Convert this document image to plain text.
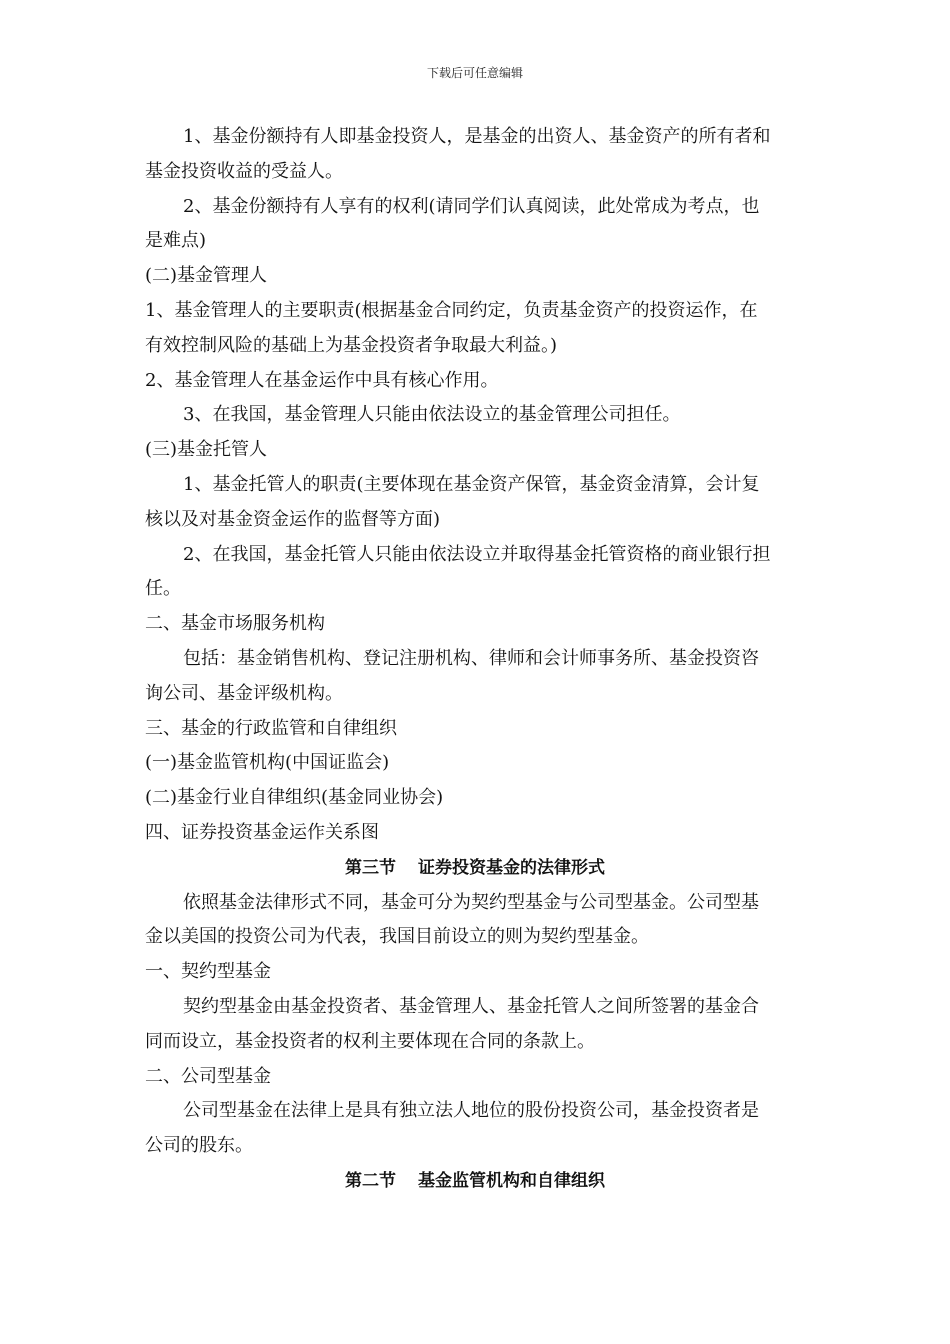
下载后可任意编辑
1、基金份额持有人即基金投资人，是基金的出资人、基金资产的所有者和
基金投资收益的受益人。
2、基金份额持有人享有的权利(请同学们认真阅读，此处常成为考点，也
是难点)
(二)基金管理人
1、基金管理人的主要职责(根据基金合同约定，负责基金资产的投资运作，在
有效控制风险的基础上为基金投资者争取最大利益。)
2、基金管理人在基金运作中具有核心作用。
3、在我国，基金管理人只能由依法设立的基金管理公司担任。
(三)基金托管人
1、基金托管人的职责(主要体现在基金资产保管，基金资金清算，会计复
核以及对基金资金运作的监督等方面)
2、在我国，基金托管人只能由依法设立并取得基金托管资格的商业银行担
任。
二、基金市场服务机构
包括：基金销售机构、登记注册机构、律师和会计师事务所、基金投资咨
询公司、基金评级机构。
三、基金的行政监管和自律组织
(一)基金监管机构(中国证监会)
(二)基金行业自律组织(基金同业协会)
四、证券投资基金运作关系图
第三节 证券投资基金的法律形式
依照基金法律形式不同，基金可分为契约型基金与公司型基金。公司型基
金以美国的投资公司为代表，我国目前设立的则为契约型基金。
一、契约型基金
契约型基金由基金投资者、基金管理人、基金托管人之间所签署的基金合
同而设立，基金投资者的权利主要体现在合同的条款上。
二、公司型基金
公司型基金在法律上是具有独立法人地位的股份投资公司，基金投资者是
公司的股东。
第二节 基金监管机构和自律组织
